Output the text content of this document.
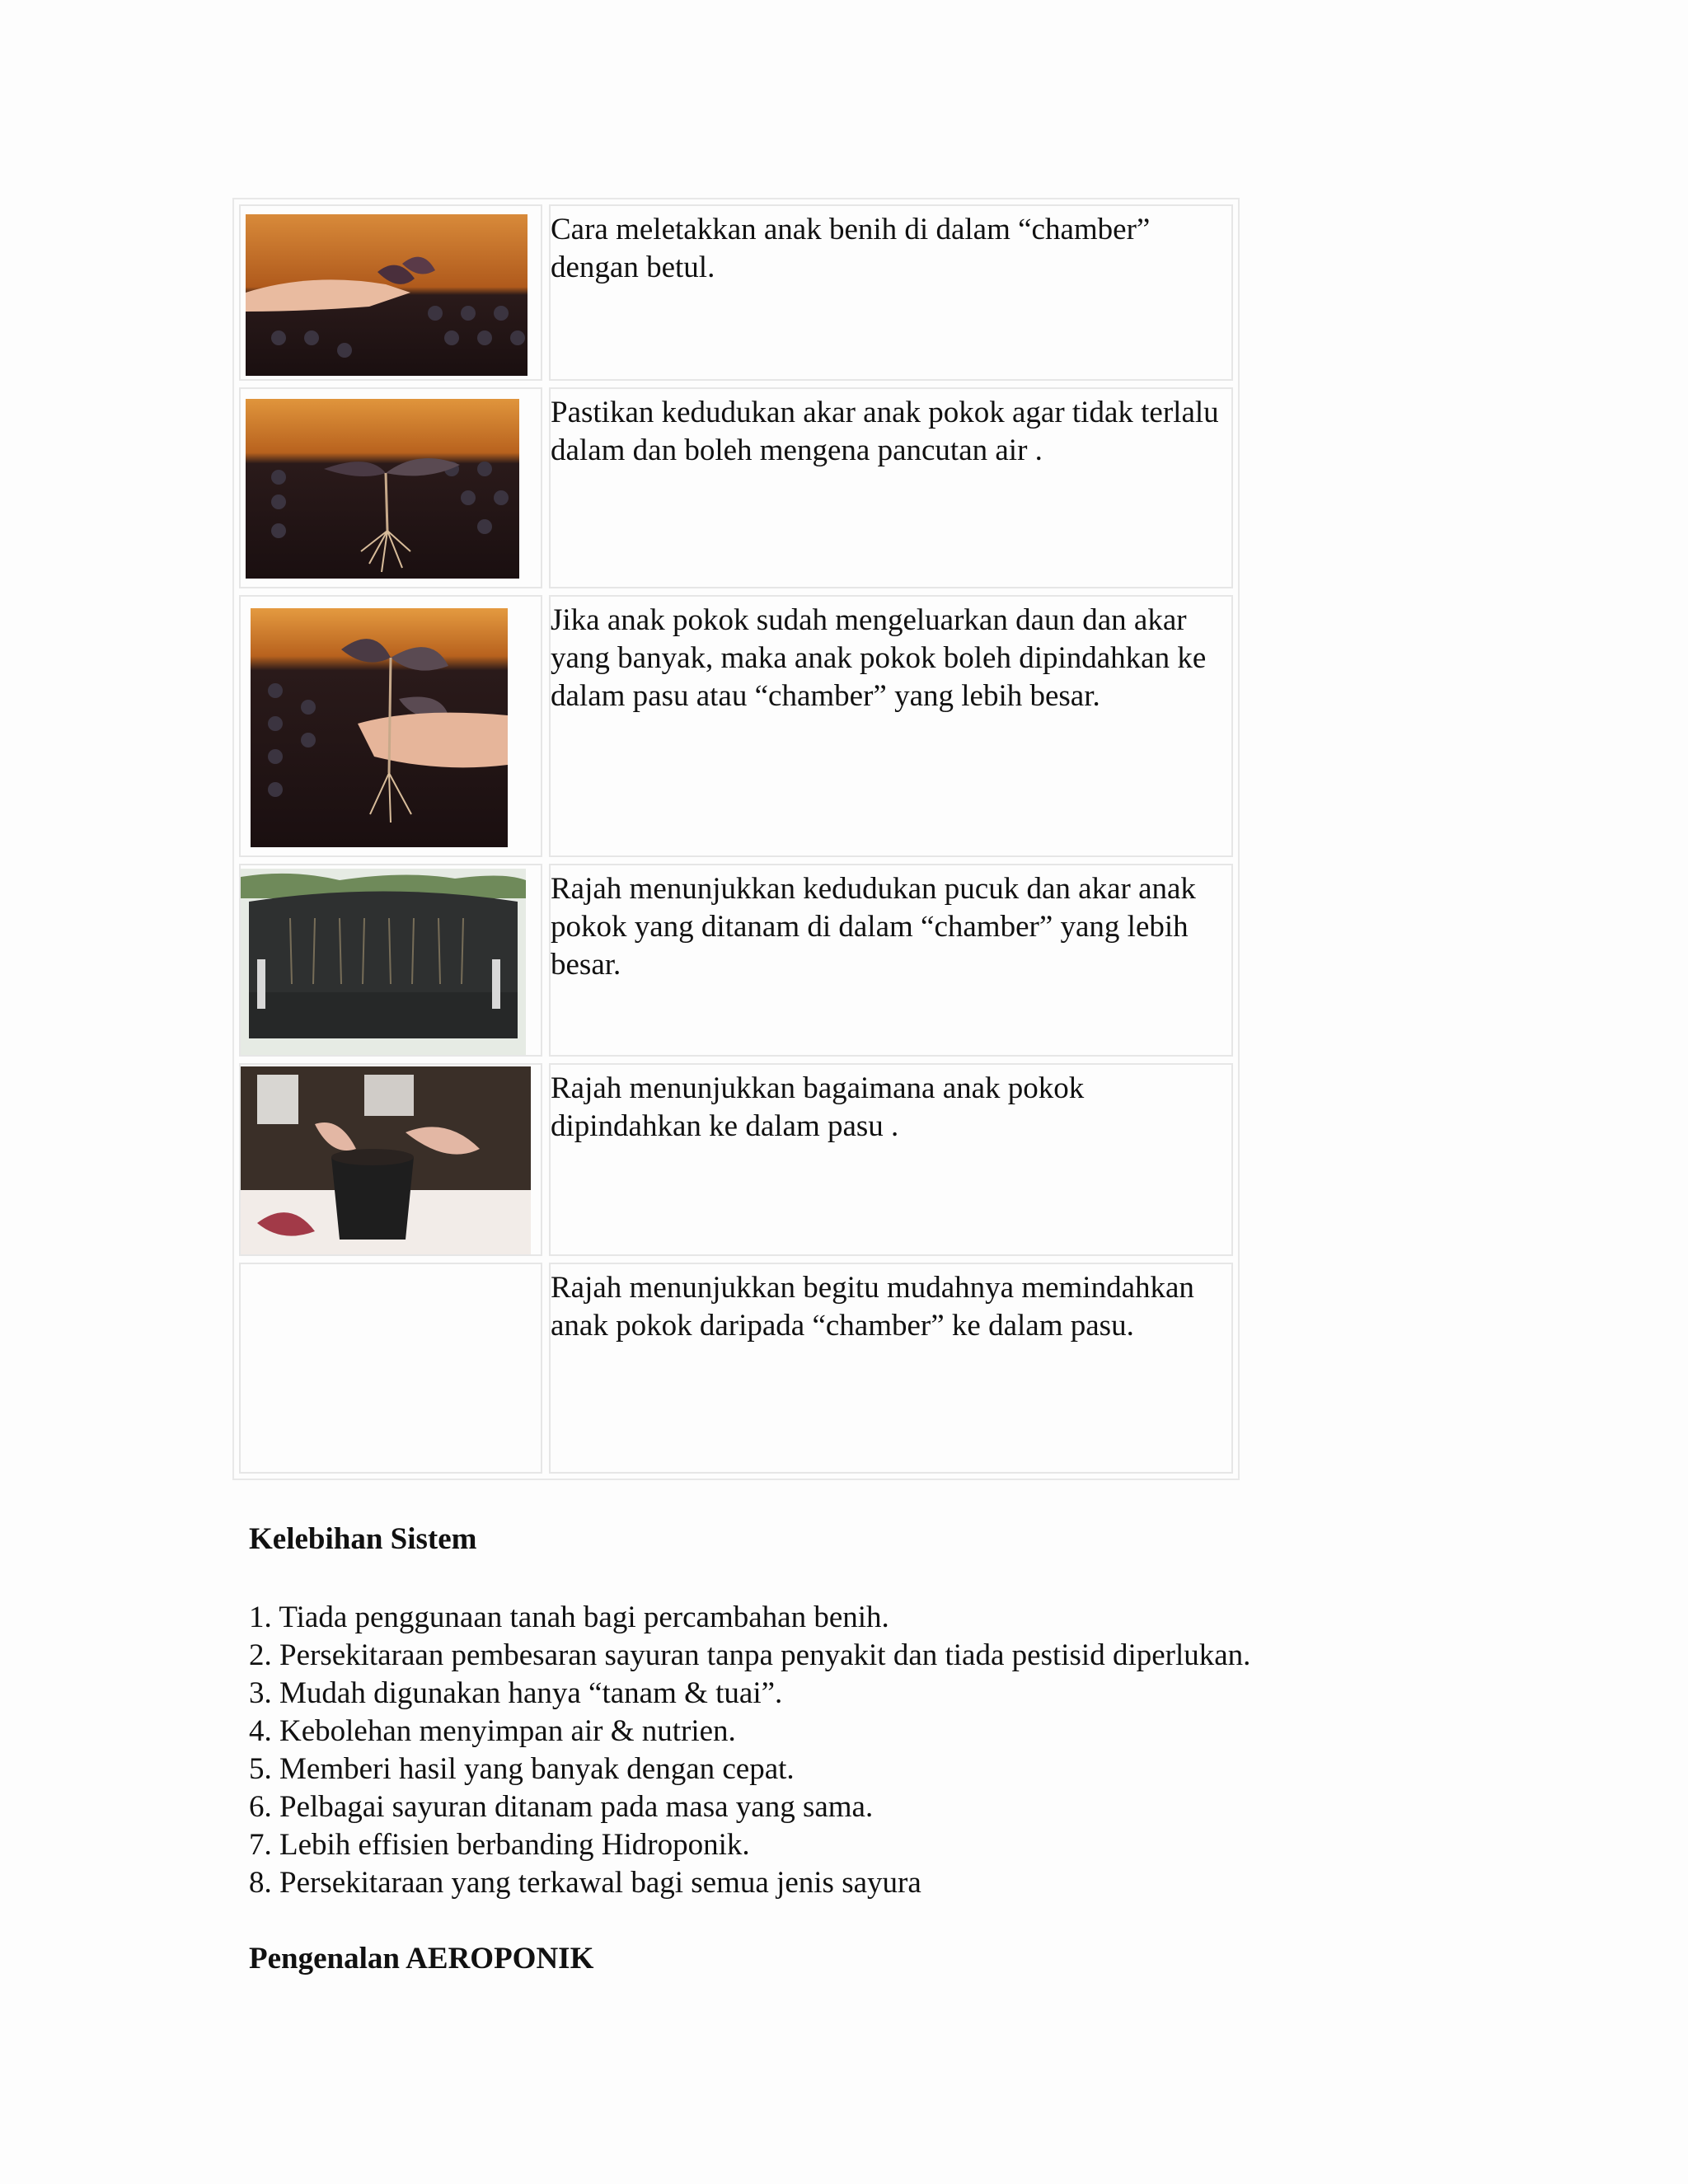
Cara meletakkan anak benih di dalam “chamber” dengan betul.
Pastikan kedudukan akar anak pokok agar tidak terlalu dalam dan boleh mengena pancutan air .
Jika anak pokok sudah mengeluarkan daun dan akar yang banyak, maka anak pokok boleh dipindahkan ke dalam pasu atau “chamber” yang lebih besar.
Rajah menunjukkan kedudukan pucuk dan akar anak pokok yang ditanam di dalam “chamber” yang lebih besar.
Rajah menunjukkan bagaimana anak pokok dipindahkan ke dalam pasu .
Rajah menunjukkan begitu mudahnya memindahkan anak pokok daripada “chamber” ke dalam pasu.
Kelebihan Sistem
1. Tiada penggunaan tanah bagi percambahan benih.
2. Persekitaraan pembesaran sayuran tanpa penyakit dan tiada pestisid diperlukan.
3. Mudah digunakan hanya “tanam & tuai”.
4. Kebolehan menyimpan air & nutrien.
5. Memberi hasil yang banyak dengan cepat.
6. Pelbagai sayuran ditanam pada masa yang sama.
7. Lebih effisien berbanding Hidroponik.
8. Persekitaraan yang terkawal bagi semua jenis sayura
Pengenalan AEROPONIK
